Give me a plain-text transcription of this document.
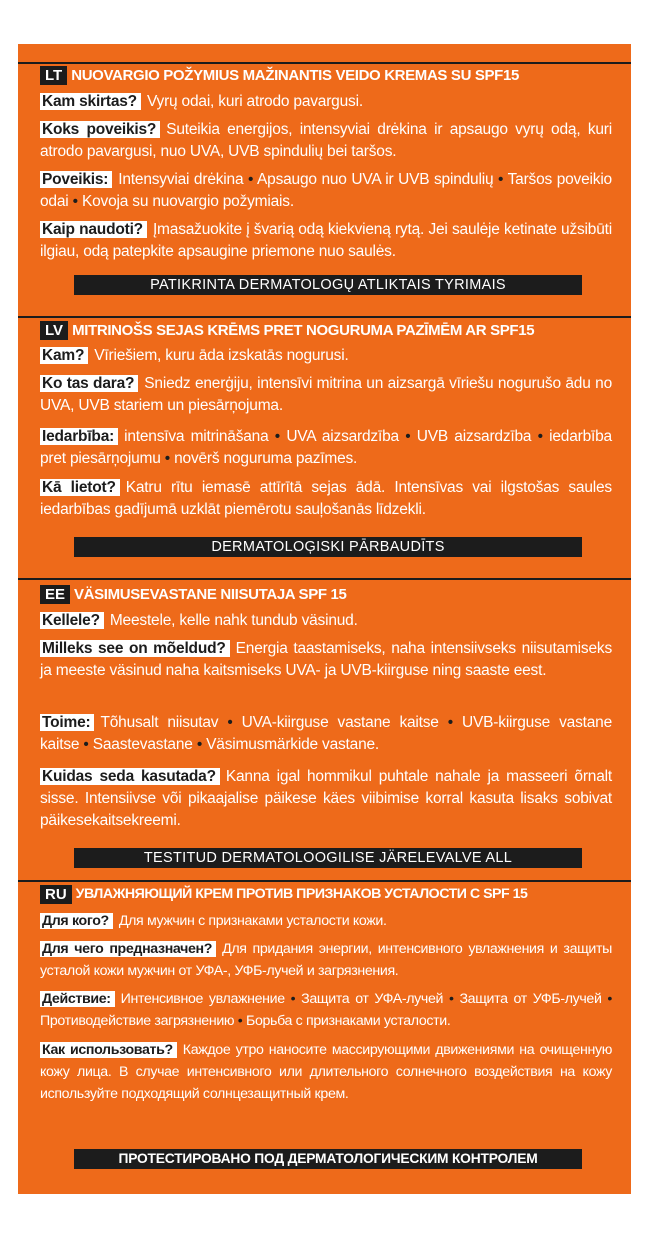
LT NUOVARGIO POŽYMIUS MAŽINANTIS VEIDO KREMAS SU SPF15
Kam skirtas? Vyrų odai, kuri atrodo pavargusi.
Koks poveikis? Suteikia energijos, intensyviai drėkina ir apsaugo vyrų odą, kuri atrodo pavargusi, nuo UVA, UVB spindulių bei taršos.
Poveikis: Intensyviai drėkina • Apsaugo nuo UVA ir UVB spindulių • Taršos poveikio odai • Kovoja su nuovargio požymiais.
Kaip naudoti? Įmasažuokite į švarią odą kiekvieną rytą. Jei saulėje ketinate užsibūti ilgiau, odą patepkite apsaugine priemone nuo saulės.
PATIKRINTA DERMATOLOGŲ ATLIKTAIS TYRIMAIS
LV MITRINOŠS SEJAS KRĒMS PRET NOGURUMA PAZĪMĒM AR SPF15
Kam? Vīriešiem, kuru āda izskatās nogurusi.
Ko tas dara? Sniedz enerģiju, intensīvi mitrina un aizsargā vīriešu nogurušo ādu no UVA, UVB stariem un piesārņojuma.
Iedarbība: intensīva mitrināšana • UVA aizsardzība • UVB aizsardzība • iedarbība pret piesārņojumu • novērš noguruma pazīmes.
Kā lietot? Katru rītu iemasē attīrītā sejas ādā. Intensīvas vai ilgstošas saules iedarbības gadījumā uzklāt piemērotu sauļošanās līdzekli.
DERMATOLOĢISKI PĀRBAUDĪTS
EE VÄSIMUSEVASTANE NIISUTAJA SPF 15
Kellele? Meestele, kelle nahk tundub väsinud.
Milleks see on mõeldud? Energia taastamiseks, naha intensiivseks niisutamiseks ja meeste väsinud naha kaitsmiseks UVA- ja UVB-kiirguse ning saaste eest.
Toime: Tõhusalt niisutav • UVA-kiirguse vastane kaitse • UVB-kiirguse vastane kaitse • Saastevastane • Väsimusmärkide vastane.
Kuidas seda kasutada? Kanna igal hommikul puhtale nahale ja masseeri õrnalt sisse. Intensiivse või pikaajalise päikese käes viibimise korral kasuta lisaks sobivat päikesekaitsekreemi.
TESTITUD DERMATOLOOGILISE JÄRELEVALVE ALL
RU УВЛАЖНЯЮЩИЙ КРЕМ ПРОТИВ ПРИЗНАКОВ УСТАЛОСТИ С SPF 15
Для кого? Для мужчин с признаками усталости кожи.
Для чего предназначен? Для придания энергии, интенсивного увлажнения и защиты усталой кожи мужчин от УФА-, УФБ-лучей и загрязнения.
Действие: Интенсивное увлажнение • Защита от УФА-лучей • Защита от УФБ-лучей • Противодействие загрязнению • Борьба с признаками усталости.
Как использовать? Каждое утро наносите массирующими движениями на очищенную кожу лица. В случае интенсивного или длительного солнечного воздействия на кожу используйте подходящий солнцезащитный крем.
ПРОТЕСТИРОВАНО ПОД ДЕРМАТОЛОГИЧЕСКИМ КОНТРОЛЕМ
